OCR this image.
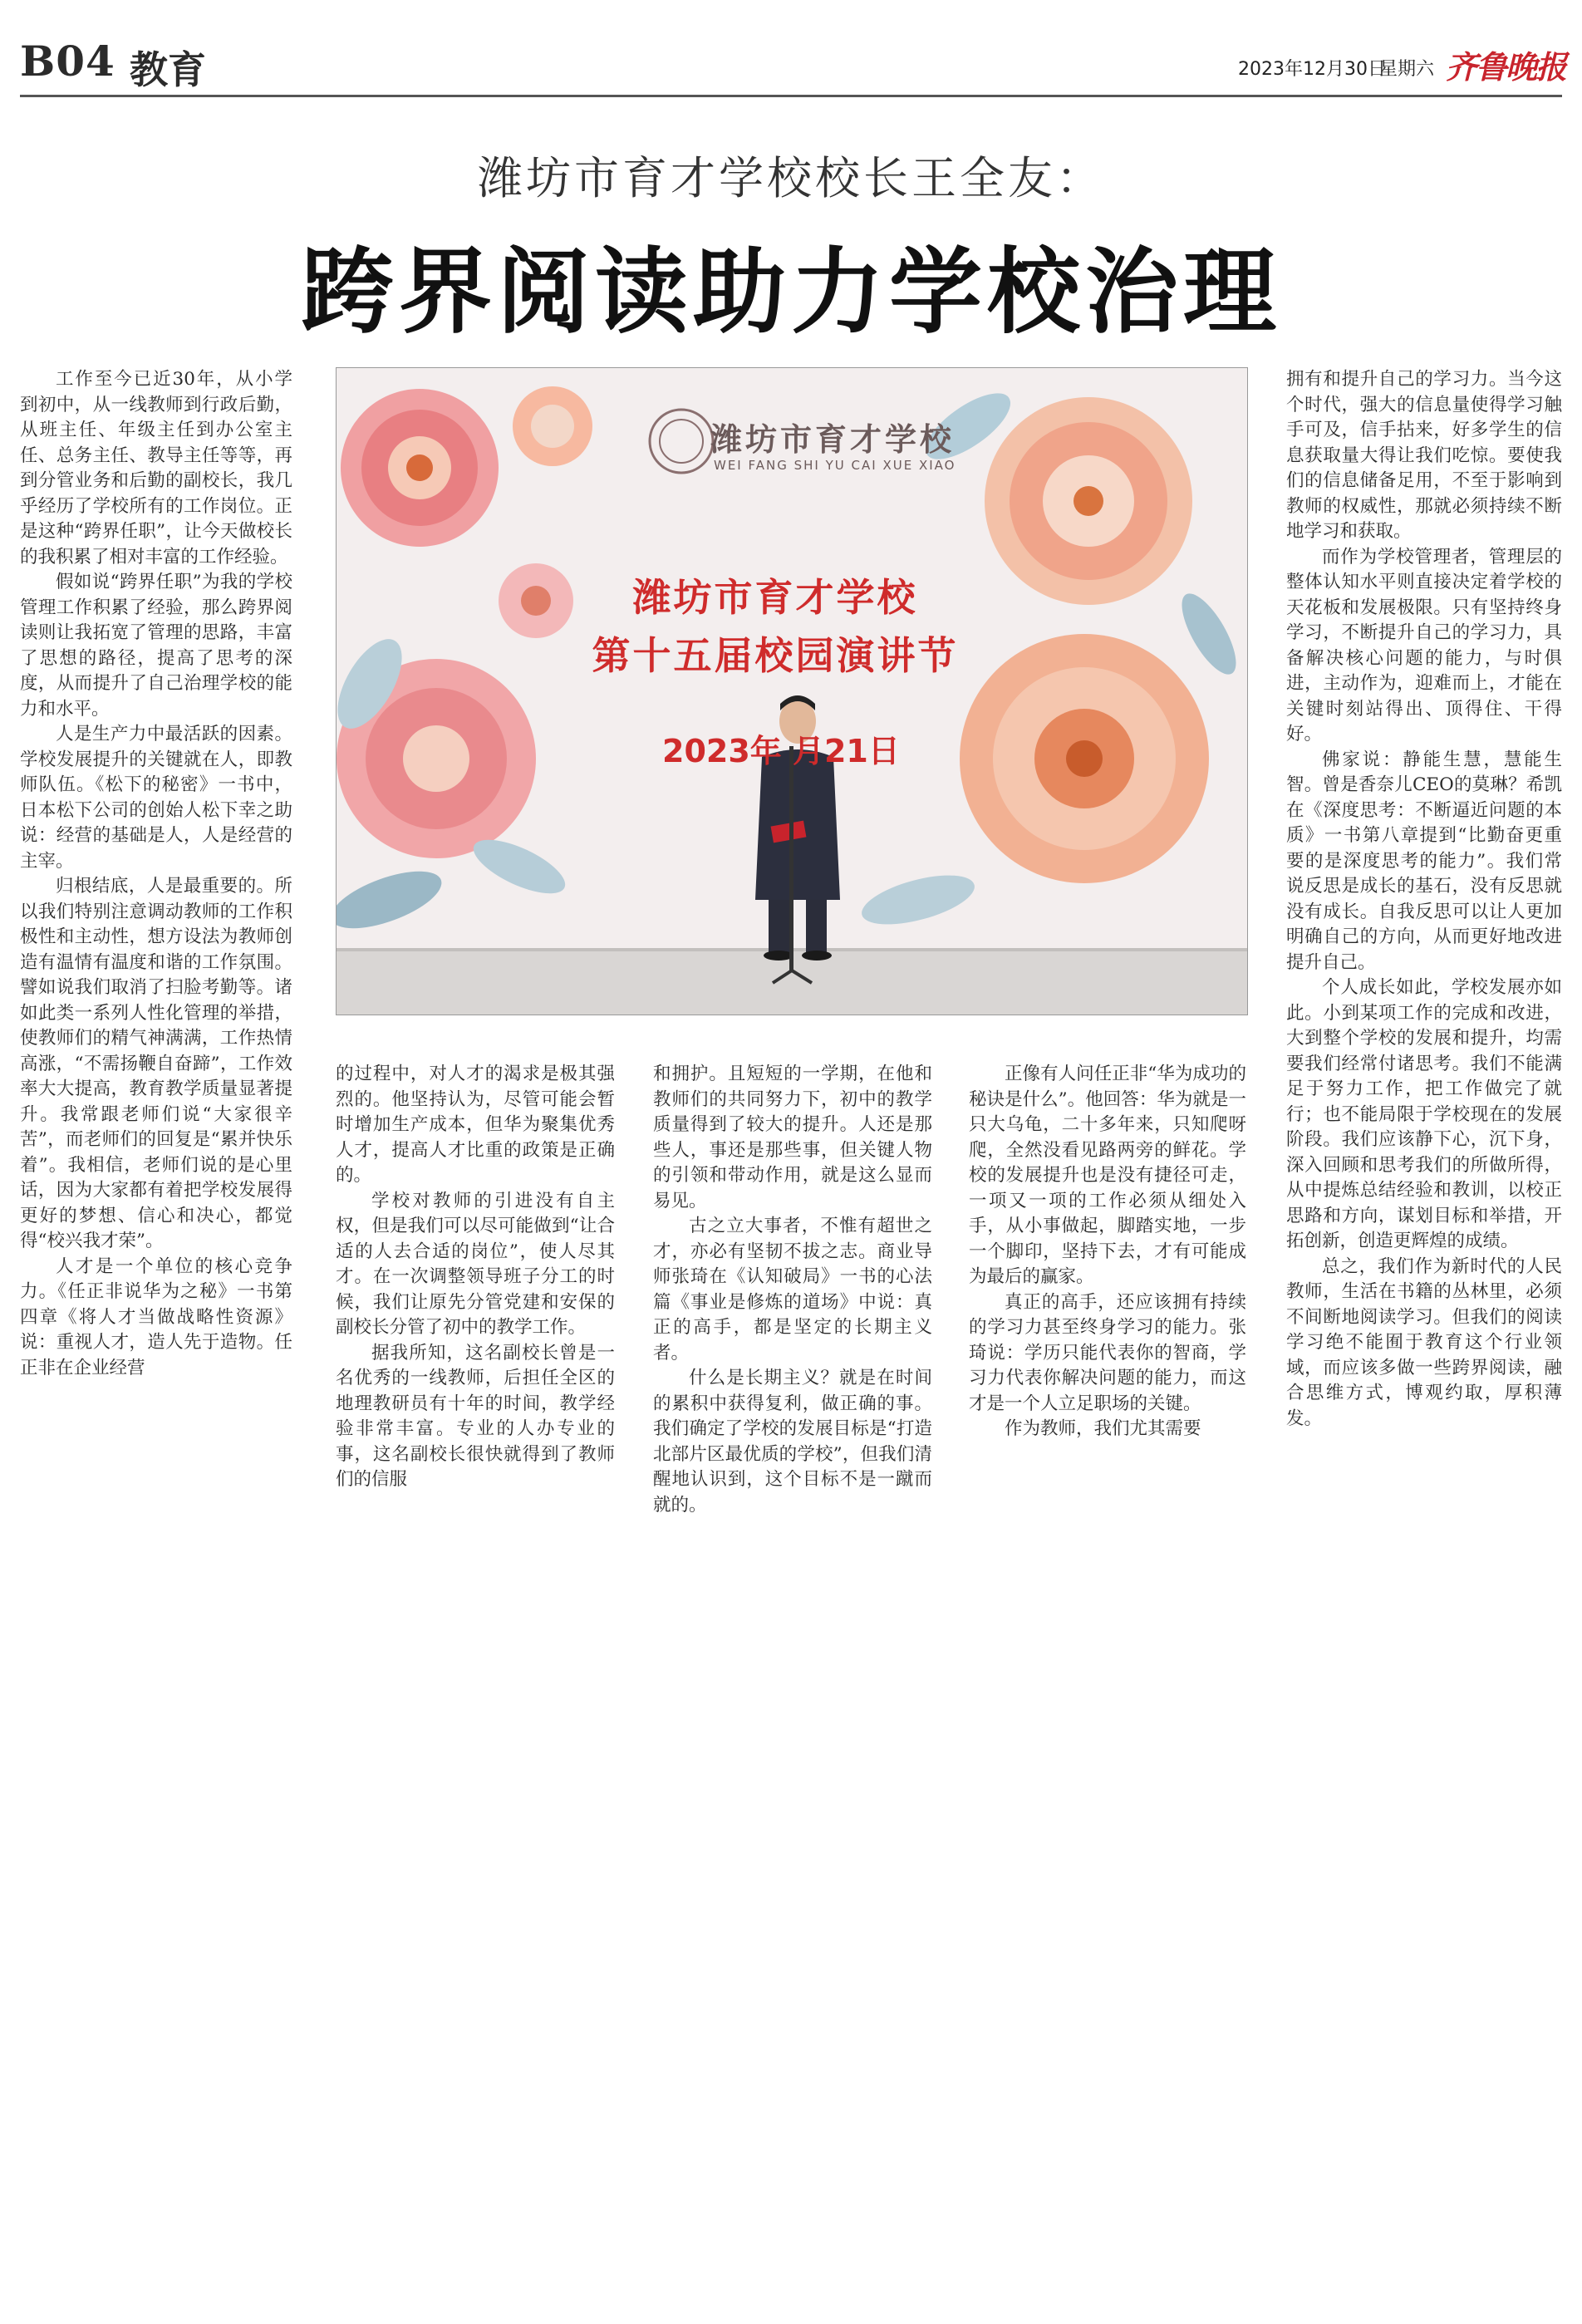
B04 教育	2023年12月30日
星期六 齐鲁晚报
潍坊市育才学校校长王全友：
跨界阅读助力学校治理

工作至今已近30年，从小学到初中，从一线教师到行政后勤，从班主任、年级主任到办公室主任、总务主任、教导主任等等，再到分管业务和后勤的副校长，我几乎经历了学校所有的工作岗位。正是这种“跨界任职”，让今天做校长的我积累了相对丰富的工作经验。

假如说“跨界任职”为我的学校管理工作积累了经验，那么跨界阅读则让我拓宽了管理的思路，丰富了思想的路径，提高了思考的深度，从而提升了自己治理学校的能力和水平。

人是生产力中最活跃的因素。学校发展提升的关键就在人，即教师队伍。《松下的秘密》一书中，日本松下公司的创始人松下幸之助说：经营的基础是人，人是经营的主宰。

归根结底，人是最重要的。所以我们特别注意调动教师的工作积极性和主动性，想方设法为教师创造有温情有温度和谐的工作氛围。譬如说我们取消了扫脸考勤等。诸如此类一系列人性化管理的举措，使教师们的精气神满满，工作热情高涨，“不需扬鞭自奋蹄”，工作效率大大提高，教育教学质量显著提升。我常跟老师们说“大家很辛苦”，而老师们的回复是“累并快乐着”。我相信，老师们说的是心里话，因为大家都有着把学校发展得更好的梦想、信心和决心，都觉得“校兴我才荣”。

人才是一个单位的核心竞争力。《任正非说华为之秘》一书第四章《将人才当做战略性资源》说：重视人才，造人先于造物。任正非在企业经营

潍坊市育才学校
WEI FANG SHI YU CAI XUE XIAO
潍坊市育才学校
第十五届校园演讲节
2023年 月21日

拥有和提升自己的学习力。当今这个时代，强大的信息量使得学习触手可及，信手拈来，好多学生的信息获取量大得让我们吃惊。要使我们的信息储备足用，不至于影响到教师的权威性，那就必须持续不断地学习和获取。

而作为学校管理者，管理层的整体认知水平则直接决定着学校的天花板和发展极限。只有坚持终身学习，不断提升自己的学习力，具备解决核心问题的能力，与时俱进，主动作为，迎难而上，才能在关键时刻站得出、顶得住、干得好。

佛家说：静能生慧，慧能生智。曾是香奈儿CEO的莫琳？希凯在《深度思考：不断逼近问题的本质》一书第八章提到“比勤奋更重要的是深度思考的能力”。我们常说反思是成长的基石，没有反思就没有成长。自我反思可以让人更加明确自己的方向，从而更好地改进提升自己。

个人成长如此，学校发展亦如此。小到某项工作的完成和改进，大到整个学校的发展和提升，均需要我们经常付诸思考。我们不能满足于努力工作，把工作做完了就行；也不能局限于学校现在的发展阶段。我们应该静下心，沉下身，深入回顾和思考我们的所做所得，从中提炼总结经验和教训，以校正思路和方向，谋划目标和举措，开拓创新，创造更辉煌的成绩。

总之，我们作为新时代的人民教师，生活在书籍的丛林里，必须不间断地阅读学习。但我们的阅读学习绝不能囿于教育这个行业领域，而应该多做一些跨界阅读，融合思维方式，博观约取，厚积薄发。

的过程中，对人才的渴求是极其强烈的。他坚持认为，尽管可能会暂时增加生产成本，但华为聚集优秀人才，提高人才比重的政策是正确的。

学校对教师的引进没有自主权，但是我们可以尽可能做到“让合适的人去合适的岗位”，使人尽其才。在一次调整领导班子分工的时候，我们让原先分管党建和安保的副校长分管了初中的教学工作。

据我所知，这名副校长曾是一名优秀的一线教师，后担任全区的地理教研员有十年的时间，教学经验非常丰富。专业的人办专业的事，这名副校长很快就得到了教师们的信服

和拥护。且短短的一学期，在他和教师们的共同努力下，初中的教学质量得到了较大的提升。人还是那些人，事还是那些事，但关键人物的引领和带动作用，就是这么显而易见。

古之立大事者，不惟有超世之才，亦必有坚韧不拔之志。商业导师张琦在《认知破局》一书的心法篇《事业是修炼的道场》中说：真正的高手，都是坚定的长期主义者。

什么是长期主义？就是在时间的累积中获得复利，做正确的事。我们确定了学校的发展目标是“打造北部片区最优质的学校”，但我们清醒地认识到，这个目标不是一蹴而就的。

正像有人问任正非“华为成功的秘诀是什么”。他回答：华为就是一只大乌龟，二十多年来，只知爬呀爬，全然没看见路两旁的鲜花。学校的发展提升也是没有捷径可走，一项又一项的工作必须从细处入手，从小事做起，脚踏实地，一步一个脚印，坚持下去，才有可能成为最后的赢家。

真正的高手，还应该拥有持续的学习力甚至终身学习的能力。张琦说：学历只能代表你的智商，学习力代表你解决问题的能力，而这才是一个人立足职场的关键。

作为教师，我们尤其需要
